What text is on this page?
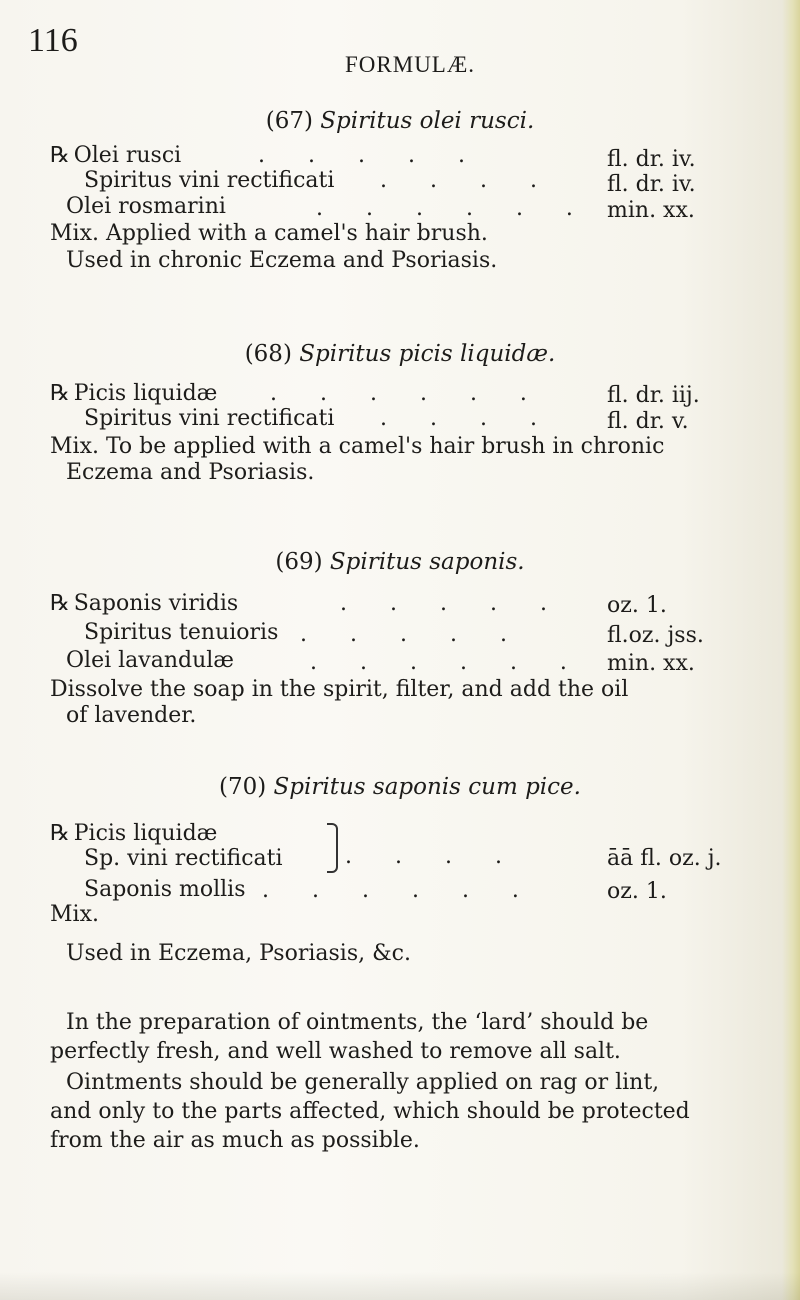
116
FORMULÆ.
(67) Spiritus olei rusci.
℞ Olei rusci	. . . . .	fl. dr. iv.
Spiritus vini rectificati . . . . fl. dr. iv.
Olei rosmarini	. . . . . . min. xx.
Mix. Applied with a camel's hair brush.
Used in chronic Eczema and Psoriasis.
(68) Spiritus picis liquidæ.
℞ Picis liquidæ . . . . . .	fl. dr. iij.
Spiritus vini rectificati . . . . fl. dr. v.
Mix. To be applied with a camel's hair brush in chronic
Eczema and Psoriasis.
(69) Spiritus saponis.
℞ Saponis viridis	. . . . . oz. 1.
Spiritus tenuioris . . . . .	fl.oz. jss.
Olei lavandulæ	. . . . . . min. xx.
Dissolve the soap in the spirit, filter, and add the oil
of lavender.
(70) Spiritus saponis cum pice.
℞ Picis liquidæ
Sp. vini rectificati	. . . .	āā fl. oz. j.
Saponis mollis . . . . . .	oz. 1.
Mix.
Used in Eczema, Psoriasis, &c.
In the preparation of ointments, the ‘lard’ should be
perfectly fresh, and well washed to remove all salt.
Ointments should be generally applied on rag or lint,
and only to the parts affected, which should be protected
from the air as much as possible.
